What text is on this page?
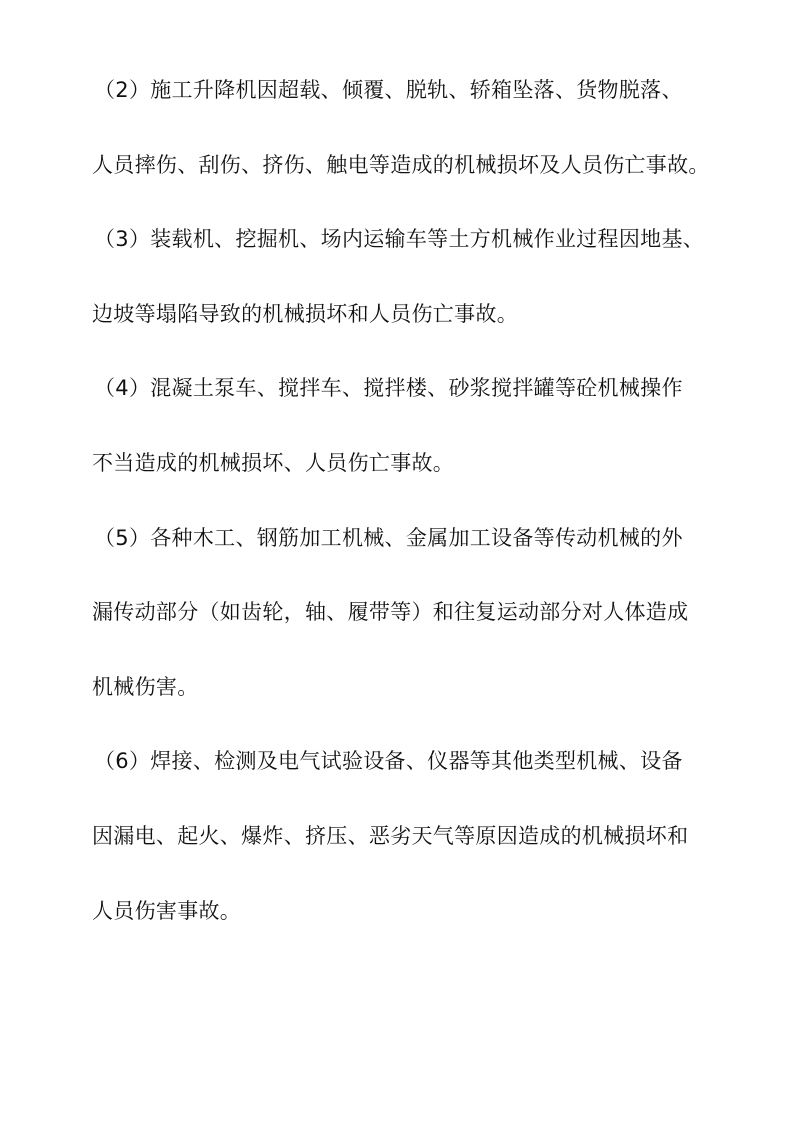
（2）施工升降机因超载、倾覆、脱轨、轿箱坠落、货物脱落、
人员摔伤、刮伤、挤伤、触电等造成的机械损坏及人员伤亡事故。
（3）装载机、挖掘机、场内运输车等土方机械作业过程因地基、
边坡等塌陷导致的机械损坏和人员伤亡事故。
（4）混凝土泵车、搅拌车、搅拌楼、砂浆搅拌罐等砼机械操作
不当造成的机械损坏、人员伤亡事故。
（5）各种木工、钢筋加工机械、金属加工设备等传动机械的外
漏传动部分（如齿轮，轴、履带等）和往复运动部分对人体造成
机械伤害。
（6）焊接、检测及电气试验设备、仪器等其他类型机械、设备
因漏电、起火、爆炸、挤压、恶劣天气等原因造成的机械损坏和
人员伤害事故。
